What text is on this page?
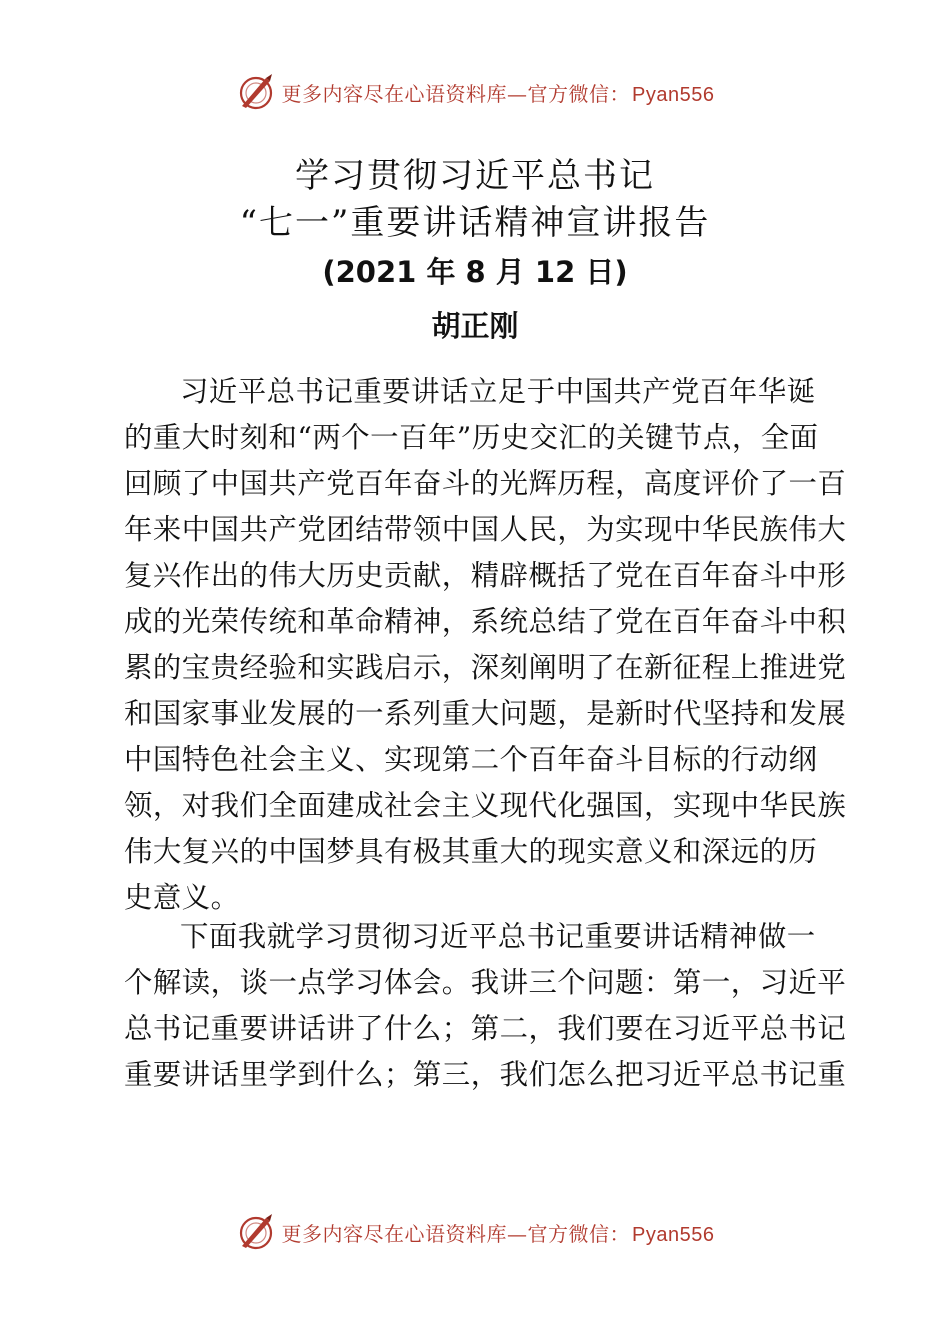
更多内容尽在心语资料库—官方微信： Pyan556
学习贯彻习近平总书记
“七一”重要讲话精神宣讲报告
(2021 年 8 月 12 日)
胡正刚
习近平总书记重要讲话立足于中国共产党百年华诞
的重大时刻和“两个一百年”历史交汇的关键节点，全面
回顾了中国共产党百年奋斗的光辉历程，高度评价了一百
年来中国共产党团结带领中国人民，为实现中华民族伟大
复兴作出的伟大历史贡献，精辟概括了党在百年奋斗中形
成的光荣传统和革命精神，系统总结了党在百年奋斗中积
累的宝贵经验和实践启示，深刻阐明了在新征程上推进党
和国家事业发展的一系列重大问题，是新时代坚持和发展
中国特色社会主义、实现第二个百年奋斗目标的行动纲
领，对我们全面建成社会主义现代化强国，实现中华民族
伟大复兴的中国梦具有极其重大的现实意义和深远的历
史意义。
下面我就学习贯彻习近平总书记重要讲话精神做一
个解读，谈一点学习体会。我讲三个问题：第一，习近平
总书记重要讲话讲了什么；第二，我们要在习近平总书记
重要讲话里学到什么；第三，我们怎么把习近平总书记重
更多内容尽在心语资料库—官方微信： Pyan556
